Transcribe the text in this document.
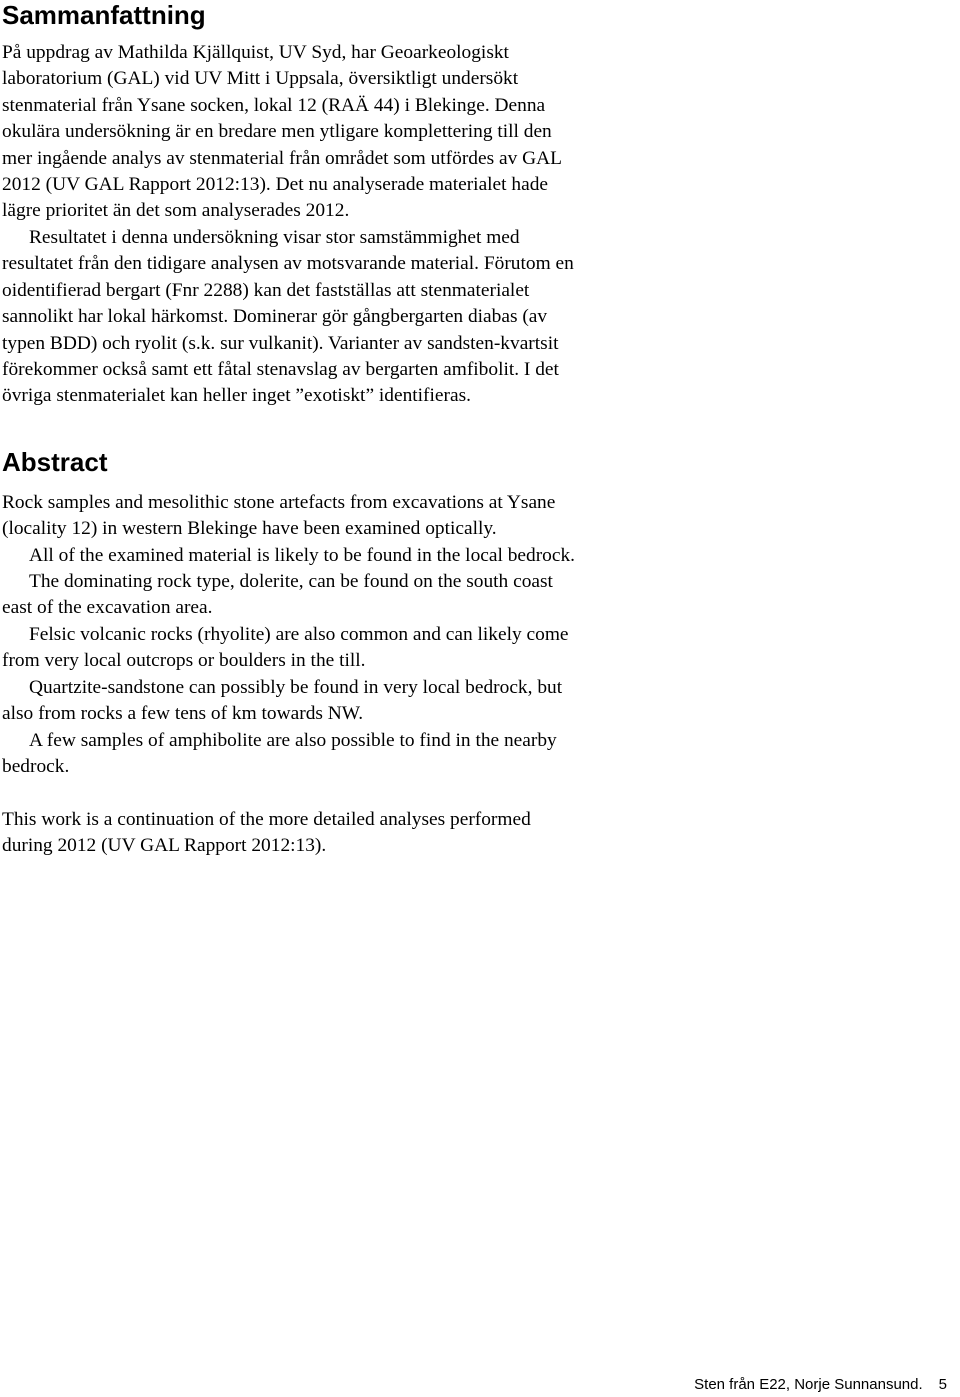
Sammanfattning
På uppdrag av Mathilda Kjällquist, UV Syd, har Geoarkeologiskt
laboratorium (GAL) vid UV Mitt i Uppsala, översiktligt undersökt
stenmaterial från Ysane socken, lokal 12 (RAÄ 44) i Blekinge. Denna
okulära undersökning är en bredare men ytligare komplettering till den
mer ingående analys av stenmaterial från området som utfördes av GAL
2012 (UV GAL Rapport 2012:13). Det nu analyserade materialet hade
lägre prioritet än det som analyserades 2012.
Resultatet i denna undersökning visar stor samstämmighet med
resultatet från den tidigare analysen av motsvarande material. Förutom en
oidentifierad bergart (Fnr 2288) kan det fastställas att stenmaterialet
sannolikt har lokal härkomst. Dominerar gör gångbergarten diabas (av
typen BDD) och ryolit (s.k. sur vulkanit). Varianter av sandsten-kvartsit
förekommer också samt ett fåtal stenavslag av bergarten amfibolit. I det
övriga stenmaterialet kan heller inget ”exotiskt” identifieras.
Abstract
Rock samples and mesolithic stone artefacts from excavations at Ysane
(locality 12) in western Blekinge have been examined optically.
All of the examined material is likely to be found in the local bedrock.
The dominating rock type, dolerite, can be found on the south coast
east of the excavation area.
Felsic volcanic rocks (rhyolite) are also common and can likely come
from very local outcrops or boulders in the till.
Quartzite-sandstone can possibly be found in very local bedrock, but
also from rocks a few tens of km towards NW.
A few samples of amphibolite are also possible to find in the nearby
bedrock.
This work is a continuation of the more detailed analyses performed
during 2012 (UV GAL Rapport 2012:13).
Sten från E22, Norje Sunnansund. 5
